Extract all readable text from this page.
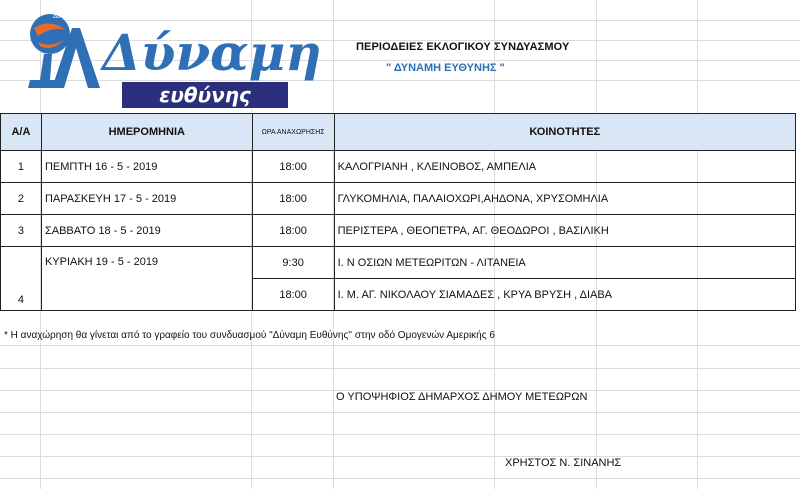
Δύναμη
Δύναμη Ευθύνης
ευθύνης
ΠΕΡΙΟΔΕΙΕΣ ΕΚΛΟΓΙΚΟΥ ΣΥΝΔΥΑΣΜΟΥ
" ΔΥΝΑΜΗ ΕΥΘΥΝΗΣ "
Α/Α	ΗΜΕΡΟΜΗΝΙΑ	ΩΡΑ ΑΝΑΧΩΡΗΣΗΣ	ΚΟΙΝΟΤΗΤΕΣ
1	ΠΕΜΠΤΗ 16 - 5 - 2019	18:00	ΚΑΛΟΓΡΙΑΝΗ , ΚΛΕΙΝΟΒΟΣ, ΑΜΠΕΛΙΑ
2	ΠΑΡΑΣΚΕΥΗ 17 - 5 - 2019	18:00	ΓΛΥΚΟΜΗΛΙΑ, ΠΑΛΑΙΟΧΩΡΙ,ΑΗΔΟΝΑ, ΧΡΥΣΟΜΗΛΙΑ
3	ΣΑΒΒΑΤΟ 18 - 5 - 2019	18:00	ΠΕΡΙΣΤΕΡΑ , ΘΕΟΠΕΤΡΑ, ΑΓ. ΘΕΟΔΩΡΟΙ , ΒΑΣΙΛΙΚΗ
4	ΚΥΡΙΑΚΗ 19 - 5 - 2019	9:30	Ι. Ν ΟΣΙΩΝ ΜΕΤΕΩΡΙΤΩΝ - ΛΙΤΑΝΕΙΑ
		18:00	Ι. Μ. ΑΓ. ΝΙΚΟΛΑΟΥ ΣΙΑΜΑΔΕΣ , ΚΡΥΑ ΒΡΥΣΗ , ΔΙΑΒΑ
* Η αναχώρηση θα γίνεται από το γραφείο του συνδυασμού "Δύναμη Ευθύνης'' στην οδό Ομογενών Αμερικής 6
Ο ΥΠΟΨΗΦΙΟΣ ΔΗΜΑΡΧΟΣ ΔΗΜΟΥ ΜΕΤΕΩΡΩΝ
ΧΡΗΣΤΟΣ Ν. ΣΙΝΑΝΗΣ
